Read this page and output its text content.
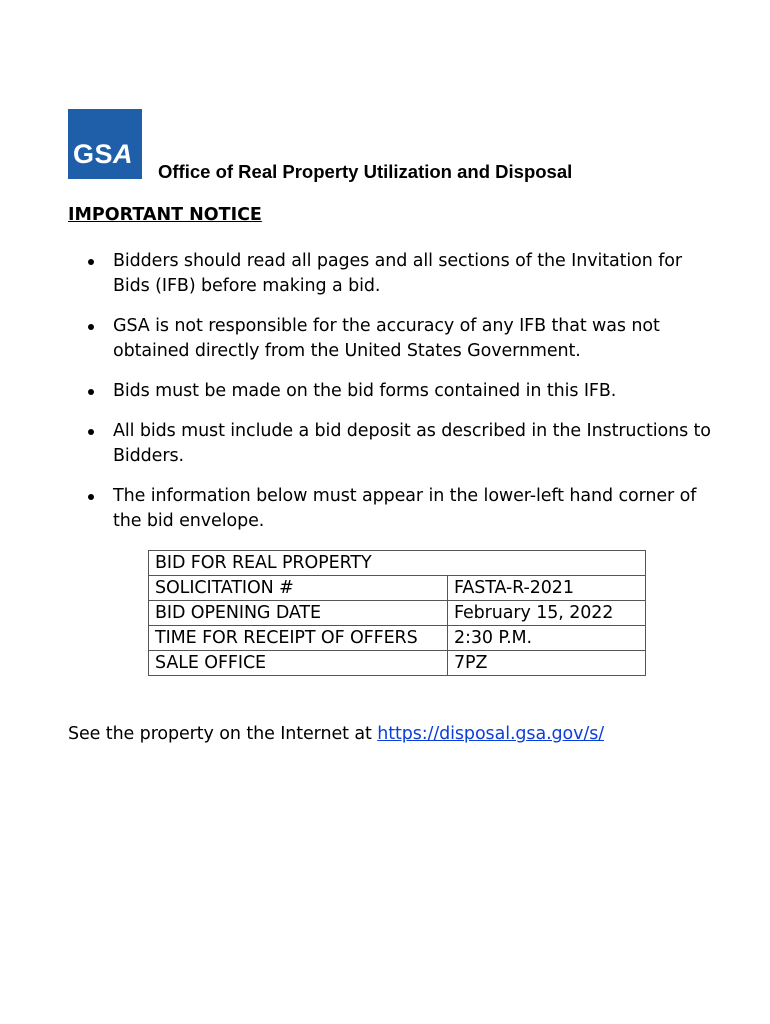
GSA
Office of Real Property Utilization and Disposal
IMPORTANT NOTICE
Bidders should read all pages and all sections of the Invitation for Bids (IFB) before making a bid.
GSA is not responsible for the accuracy of any IFB that was not obtained directly from the United States Government.
Bids must be made on the bid forms contained in this IFB.
All bids must include a bid deposit as described in the Instructions to Bidders.
The information below must appear in the lower-left hand corner of the bid envelope.
BID FOR REAL PROPERTY	
SOLICITATION #	FASTA-R-2021
BID OPENING DATE	February 15, 2022
TIME FOR RECEIPT OF OFFERS	2:30 P.M.
SALE OFFICE	7PZ
See the property on the Internet at https://disposal.gsa.gov/s/
